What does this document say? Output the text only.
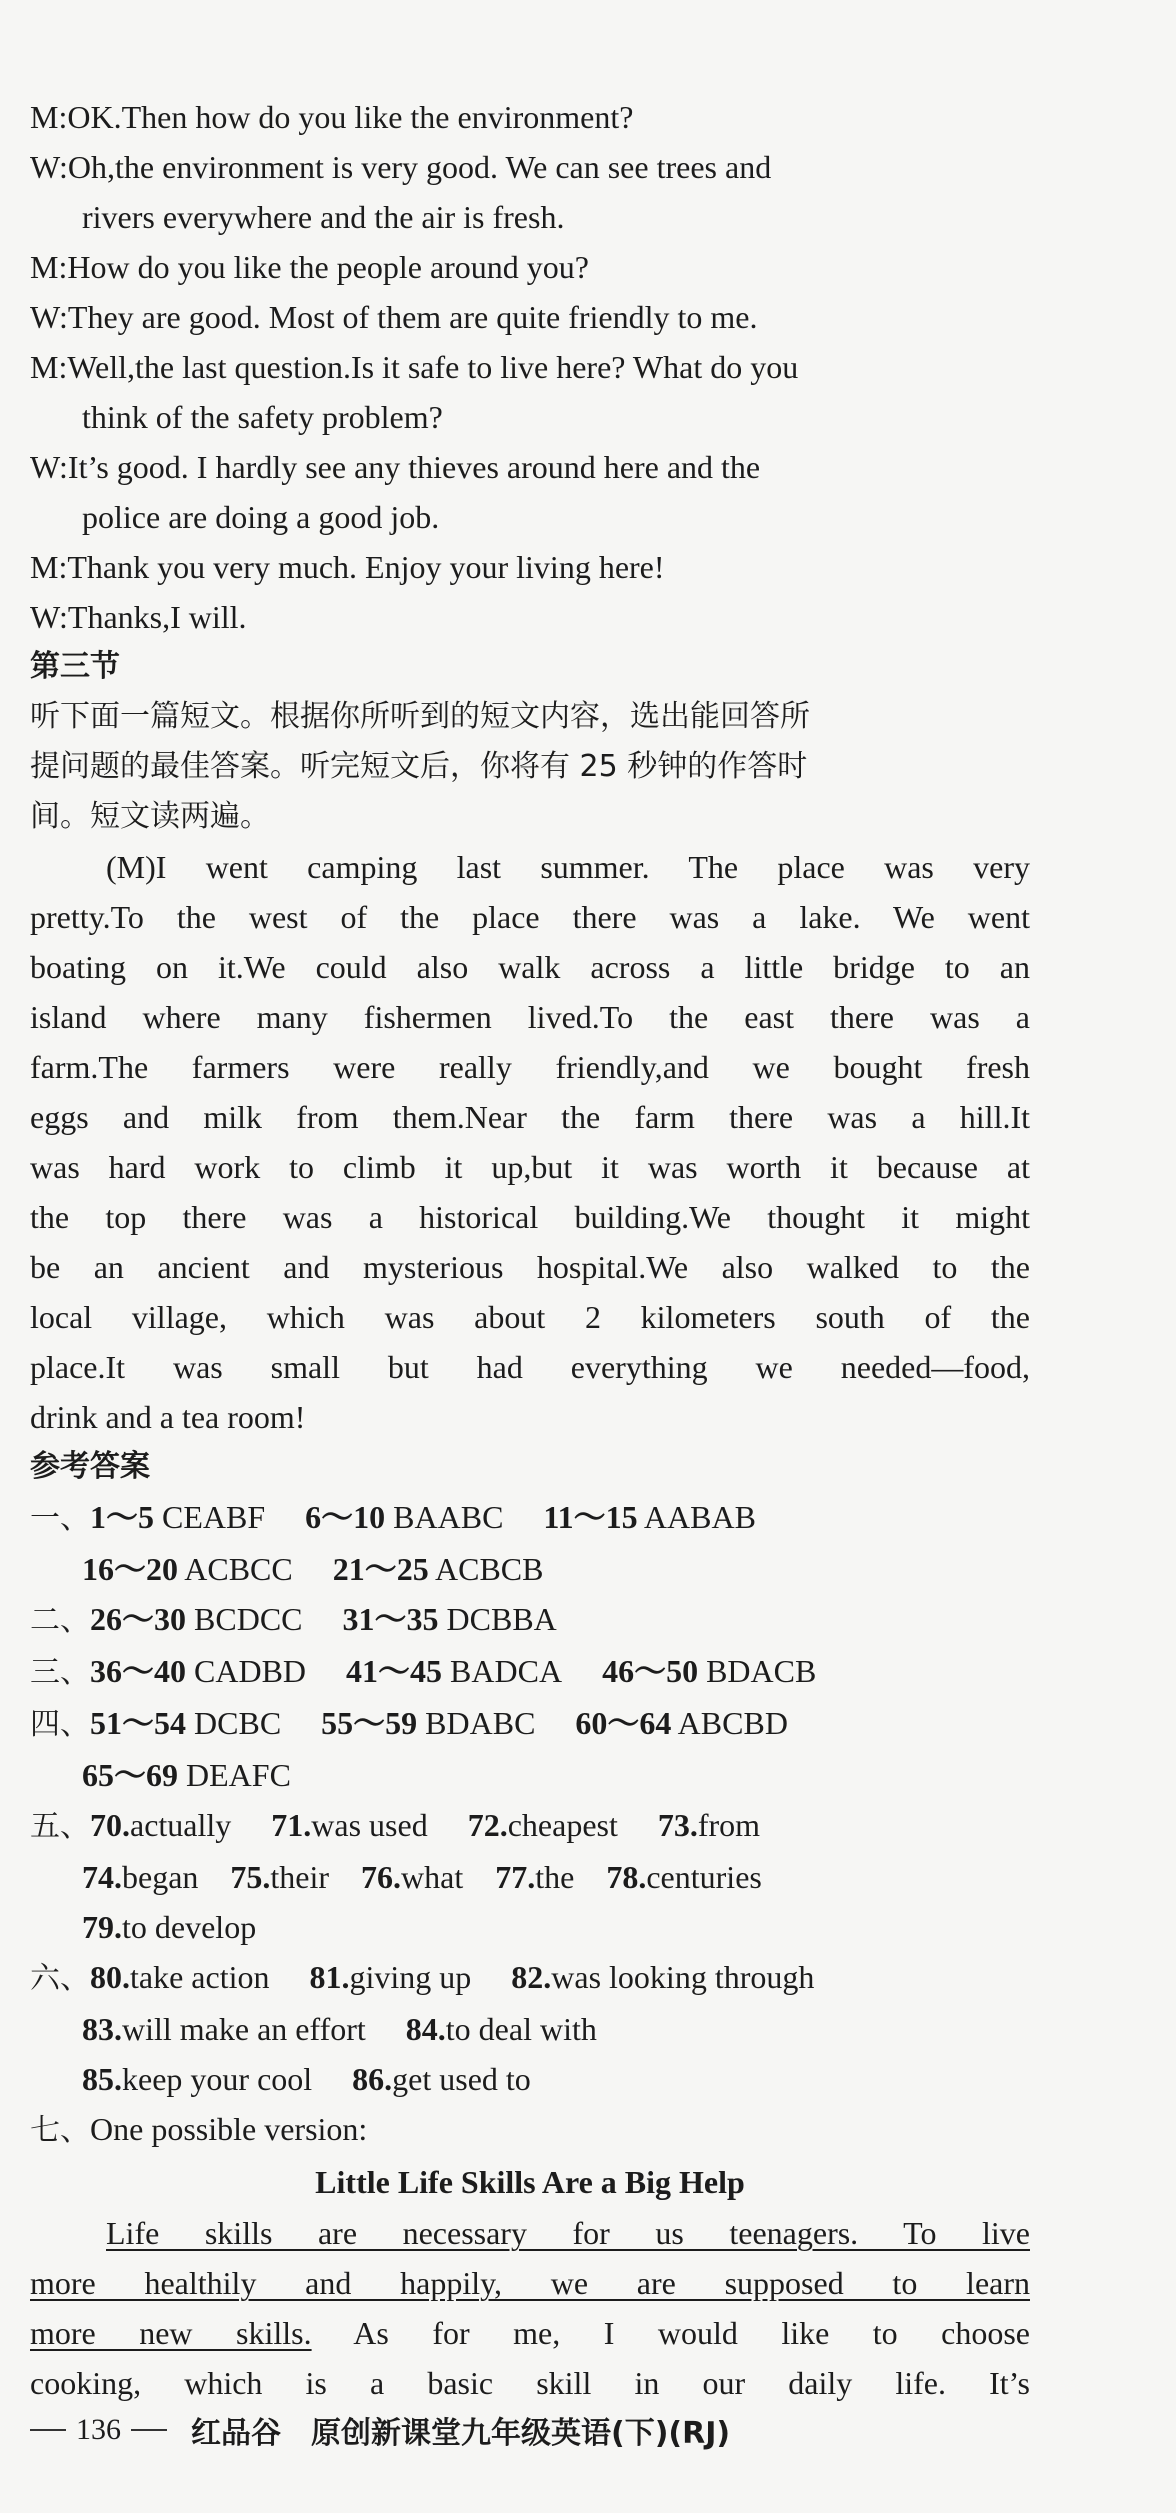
M:OK.Then how do you like the environment?
W:Oh,the environment is very good. We can see trees and
rivers everywhere and the air is fresh.
M:How do you like the people around you?
W:They are good. Most of them are quite friendly to me.
M:Well,the last question.Is it safe to live here? What do you
think of the safety problem?
W:It’s good. I hardly see any thieves around here and the
police are doing a good job.
M:Thank you very much. Enjoy your living here!
W:Thanks,I will.
第三节
听下面一篇短文。根据你所听到的短文内容，选出能回答所
提问题的最佳答案。听完短文后，你将有 25 秒钟的作答时
间。短文读两遍。
(M)I went camping last summer. The place was very
pretty.To the west of the place there was a lake. We went
boating on it.We could also walk across a little bridge to an
island where many fishermen lived.To the east there was a
farm.The farmers were really friendly,and we bought fresh
eggs and milk from them.Near the farm there was a hill.It
was hard work to climb it up,but it was worth it because at
the top there was a historical building.We thought it might
be an ancient and mysterious hospital.We also walked to the
local village, which was about 2 kilometers south of the
place.It was small but had everything we needed—food,
drink and a tea room!
参考答案
一、1～5 CEABF 6～10 BAABC 11～15 AABAB
16～20 ACBCC 21～25 ACBCB
二、26～30 BCDCC 31～35 DCBBA
三、36～40 CADBD 41～45 BADCA 46～50 BDACB
四、51～54 DCBC 55～59 BDABC 60～64 ABCBD
65～69 DEAFC
五、70.actually 71.was used 72.cheapest 73.from
74.began 75.their 76.what 77.the 78.centuries
79.to develop
六、80.take action 81.giving up 82.was looking through
83.will make an effort 84.to deal with
85.keep your cool 86.get used to
七、One possible version:
Little Life Skills Are a Big Help
Life skills are necessary for us teenagers. To live
more healthily and happily, we are supposed to learn
more new skills. As for me, I would like to choose
cooking, which is a basic skill in our daily life. It’s
136	红品谷 原创新课堂九年级英语(下)(RJ)
